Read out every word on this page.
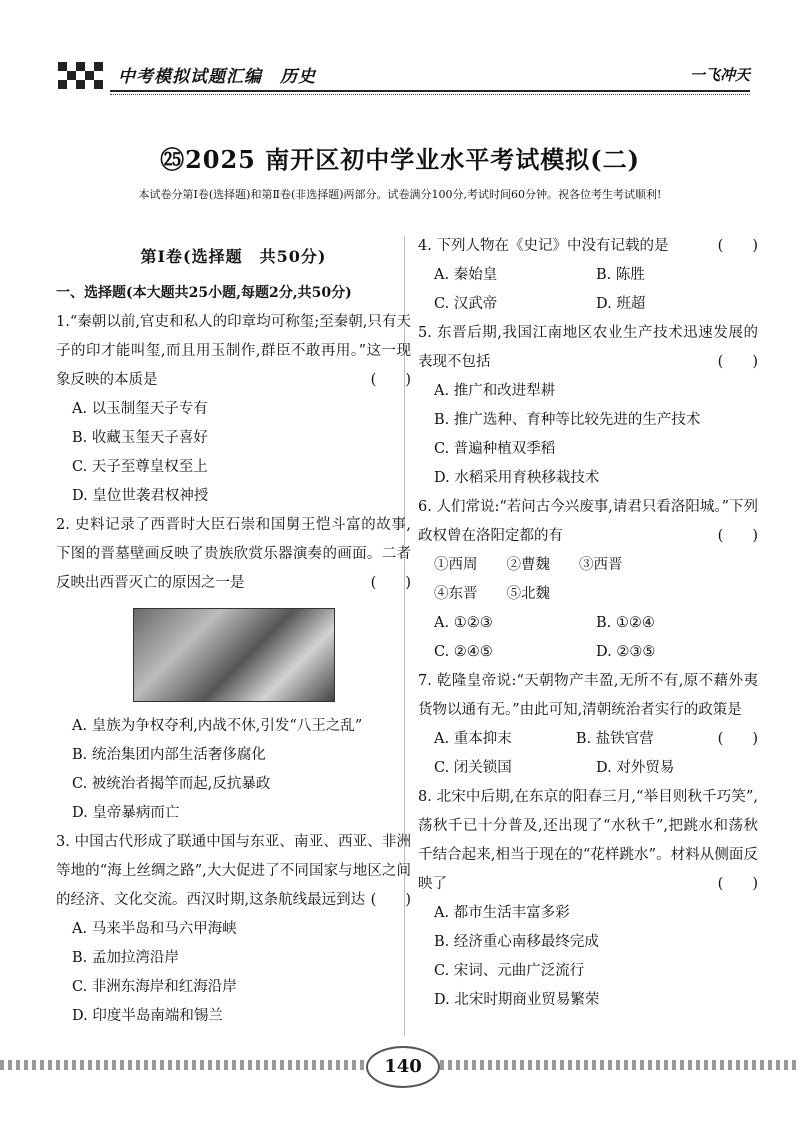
中考模拟试题汇编　历史	一飞冲天
㉕2025 南开区初中学业水平考试模拟(二)
本试卷分第Ⅰ卷(选择题)和第Ⅱ卷(非选择题)两部分。试卷满分100分,考试时间60分钟。祝各位考生考试顺利!
第Ⅰ卷(选择题　共50分)
一、选择题(本大题共25小题,每题2分,共50分)
1.“秦朝以前,官吏和私人的印章均可称玺;至秦朝,只有天子的印才能叫玺,而且用玉制作,群臣不敢再用。”这一现象反映的本质是	(　　)
A. 以玉制玺天子专有
B. 收藏玉玺天子喜好
C. 天子至尊皇权至上
D. 皇位世袭君权神授
2. 史料记录了西晋时大臣石崇和国舅王恺斗富的故事,下图的晋墓壁画反映了贵族欣赏乐器演奏的画面。二者反映出西晋灭亡的原因之一是	(　　)
A. 皇族为争权夺利,内战不休,引发“八王之乱”
B. 统治集团内部生活奢侈腐化
C. 被统治者揭竿而起,反抗暴政
D. 皇帝暴病而亡
3. 中国古代形成了联通中国与东亚、南亚、西亚、非洲等地的“海上丝绸之路”,大大促进了不同国家与地区之间的经济、文化交流。西汉时期,这条航线最远到达 (　　)
A. 马来半岛和马六甲海峡
B. 孟加拉湾沿岸
C. 非洲东海岸和红海沿岸
D. 印度半岛南端和锡兰
4. 下列人物在《史记》中没有记载的是	(　　)
A. 秦始皇	B. 陈胜
C. 汉武帝	D. 班超
5. 东晋后期,我国江南地区农业生产技术迅速发展的表现不包括	(　　)
A. 推广和改进犁耕
B. 推广选种、育种等比较先进的生产技术
C. 普遍种植双季稻
D. 水稻采用育秧移栽技术
6. 人们常说:“若问古今兴废事,请君只看洛阳城。”下列政权曾在洛阳定都的有	(　　)
①西周　　②曹魏　　③西晋
④东晋　　⑤北魏
A. ①②③	B. ①②④
C. ②④⑤	D. ②③⑤
7. 乾隆皇帝说:“天朝物产丰盈,无所不有,原不藉外夷货物以通有无。”由此可知,清朝统治者实行的政策是
(　　)
A. 重本抑末	B. 盐铁官营
C. 闭关锁国	D. 对外贸易
8. 北宋中后期,在东京的阳春三月,“举目则秋千巧笑”,荡秋千已十分普及,还出现了“水秋千”,把跳水和荡秋千结合起来,相当于现在的“花样跳水”。材料从侧面反映了	(　　)
A. 都市生活丰富多彩
B. 经济重心南移最终完成
C. 宋词、元曲广泛流行
D. 北宋时期商业贸易繁荣
140
